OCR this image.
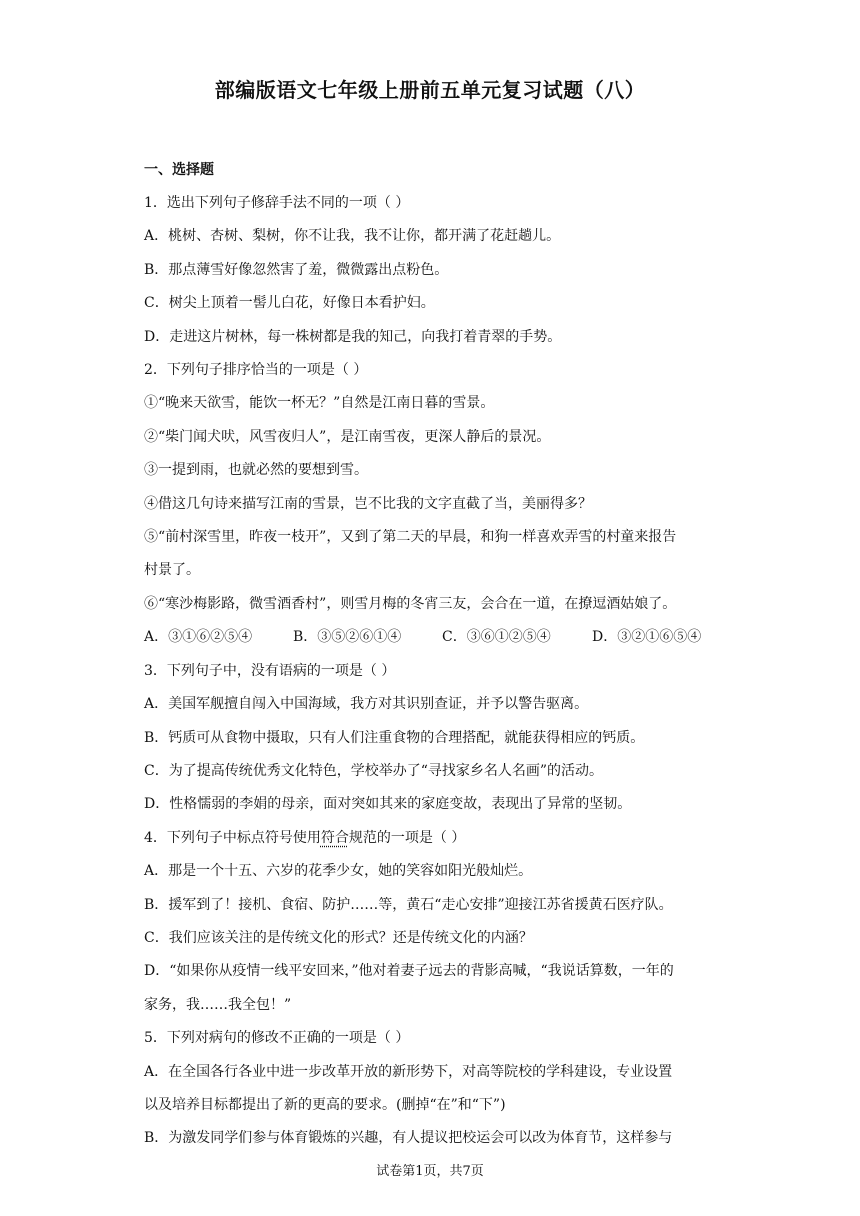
部编版语文七年级上册前五单元复习试题（八）
一、选择题
1．选出下列句子修辞手法不同的一项（ ）
A．桃树、杏树、梨树，你不让我，我不让你，都开满了花赶趟儿。
B．那点薄雪好像忽然害了羞，微微露出点粉色。
C．树尖上顶着一髻儿白花，好像日本看护妇。
D．走进这片树林，每一株树都是我的知己，向我打着青翠的手势。
2．下列句子排序恰当的一项是（ ）
①“晚来天欲雪，能饮一杯无？”自然是江南日暮的雪景。
②“柴门闻犬吠，风雪夜归人”，是江南雪夜，更深人静后的景况。
③一提到雨，也就必然的要想到雪。
④借这几句诗来描写江南的雪景，岂不比我的文字直截了当，美丽得多？
⑤“前村深雪里，昨夜一枝开”，又到了第二天的早晨，和狗一样喜欢弄雪的村童来报告
村景了。
⑥“寒沙梅影路，微雪酒香村”，则雪月梅的冬宵三友，会合在一道，在撩逗酒姑娘了。
A．③①⑥②⑤④	B．③⑤②⑥①④	C．③⑥①②⑤④	D．③②①⑥⑤④
3．下列句子中，没有语病的一项是（ ）
A．美国军舰擅自闯入中国海域，我方对其识别查证，并予以警告驱离。
B．钙质可从食物中摄取，只有人们注重食物的合理搭配，就能获得相应的钙质。
C．为了提高传统优秀文化特色，学校举办了“寻找家乡名人名画”的活动。
D．性格懦弱的李娟的母亲，面对突如其来的家庭变故，表现出了异常的坚韧。
4．下列句子中标点符号使用符合规范的一项是（ ）
A．那是一个十五、六岁的花季少女，她的笑容如阳光般灿烂。
B．援军到了！接机、食宿、防护……等，黄石“走心安排”迎接江苏省援黄石医疗队。
C．我们应该关注的是传统文化的形式？还是传统文化的内涵？
D．“如果你从疫情一线平安回来，”他对着妻子远去的背影高喊，“我说话算数，一年的
家务，我……我全包！”
5．下列对病句的修改不正确的一项是（ ）
A．在全国各行各业中进一步改革开放的新形势下，对高等院校的学科建设，专业设置
以及培养目标都提出了新的更高的要求。(删掉“在”和“下”)
B．为激发同学们参与体育锻炼的兴趣，有人提议把校运会可以改为体育节，这样参与
试卷第1页，共7页
